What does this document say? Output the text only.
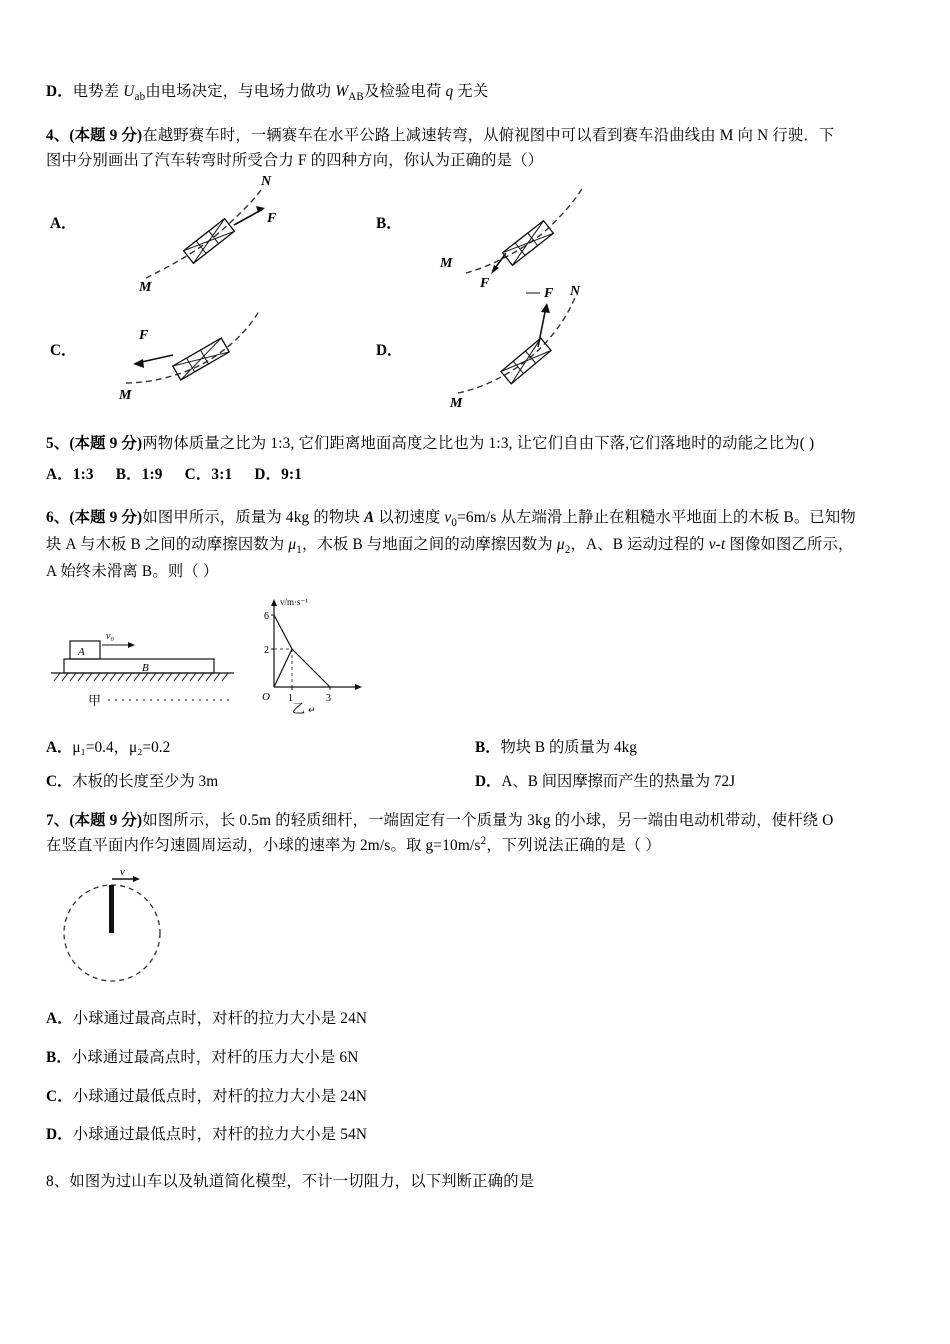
D．电势差 $U_{ab}$由电场决定，与电场力做功 $W_{AB}$及检验电荷 q 无关

4、(本题 9 分)在越野赛车时，一辆赛车在水平公路上减速转弯，从俯视图中可以看到赛车沿曲线由 M 向 N 行驶．下

图中分别画出了汽车转弯时所受合力 F 的四种方向，你认为正确的是（）

A．
N
F
M
B．
M
F
C．
F
M
D．
F N
M

5、(本题 9 分)两物体质量之比为 1:3, 它们距离地面高度之比也为 1:3, 让它们自由下落,它们落地时的动能之比为( )

A．1:3 B．1:9 C．3:1 D．9:1

6、(本题 9 分)如图甲所示，质量为 4kg 的物块 A 以初速度 $v_0=6m/s$ 从左端滑上静止在粗糙水平地面上的木板 B。已知物

块 A 与木板 B 之间的动摩擦因数为 $\mu_1$，木板 B 与地面之间的动摩擦因数为 $\mu_2$，A、B 运动过程的 v-t 图像如图乙所示，

A 始终未滑离 B。则（ ）

A
v₀
B
甲
v/m·s⁻¹
6
2
1	3
O
乙 ↵
A．μ₁=0.4，μ₂=0.2	B．物块 B 的质量为 4kg
C．木板的长度至少为 3m	D．A、B 间因摩擦而产生的热量为 72J

7、(本题 9 分)如图所示，长 0.5m 的轻质细杆，一端固定有一个质量为 3kg 的小球，另一端由电动机带动，使杆绕 O

在竖直平面内作匀速圆周运动，小球的速率为 2m/s。取 $g=10m/s^2$，下列说法正确的是（ ）

v

A．小球通过最高点时，对杆的拉力大小是 24N

B．小球通过最高点时，对杆的压力大小是 6N

C．小球通过最低点时，对杆的拉力大小是 24N

D．小球通过最低点时，对杆的拉力大小是 54N

8、如图为过山车以及轨道简化模型，不计一切阻力，以下判断正确的是
